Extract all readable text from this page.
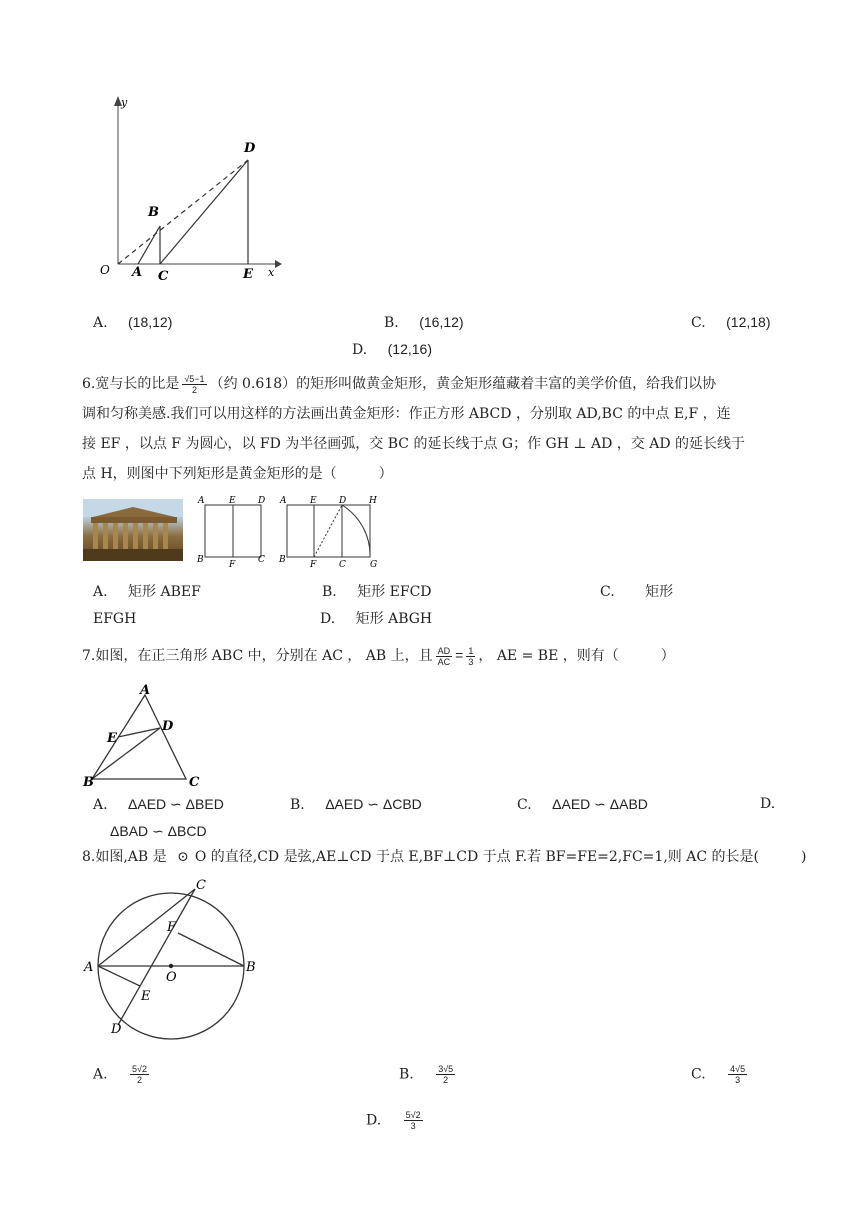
y
D
B
O A C	E x
A. (18,12)	B. (16,12)	C. (12,18)
D. (12,16)
6.宽与长的比是 $\frac{√5-1}{2}$ （约 0.618）的矩形叫做黄金矩形，黄金矩形蕴藏着丰富的美学价值，给我们以协
调和匀称美感.我们可以用这样的方法画出黄金矩形：作正方形 ABCD ，分别取 AD,BC 的中点 E,F ，连
接 EF ，以点 F 为圆心，以 FD 为半径画弧，交 BC 的延长线于点 G；作 GH ⊥ AD ，交 AD 的延长线于
点 H，则图中下列矩形是黄金矩形的是（　　　）
A	E D
B	F	C
A	E D	H
B	F	C	G
A. 矩形 ABEF	B. 矩形 EFCD	C. 矩形
EFGH	D. 矩形 ABGH
7.如图，在正三角形 ABC 中，分别在 AC ， AB 上，且 $\frac{AD}{AC} = \frac{1}{3}$ ， AE = BE ，则有（　　　）
A
D
E
B	C
A. ΔAED ∽ ΔBED	B. ΔAED ∽ ΔCBD	C. ΔAED ∽ ΔABD	D.
ΔBAD ∽ ΔBCD
8.如图,AB 是 ⊙ O 的直径,CD 是弦,AE⊥CD 于点 E,BF⊥CD 于点 F.若 BF=FE=2,FC=1,则 AC 的长是(　　　)
C
F
A
O
B
E
D
A. $\frac{5√2}{2}$	B. $\frac{3√5}{2}$	C. $\frac{4√5}{3}$
D. $\frac{5√2}{3}$
